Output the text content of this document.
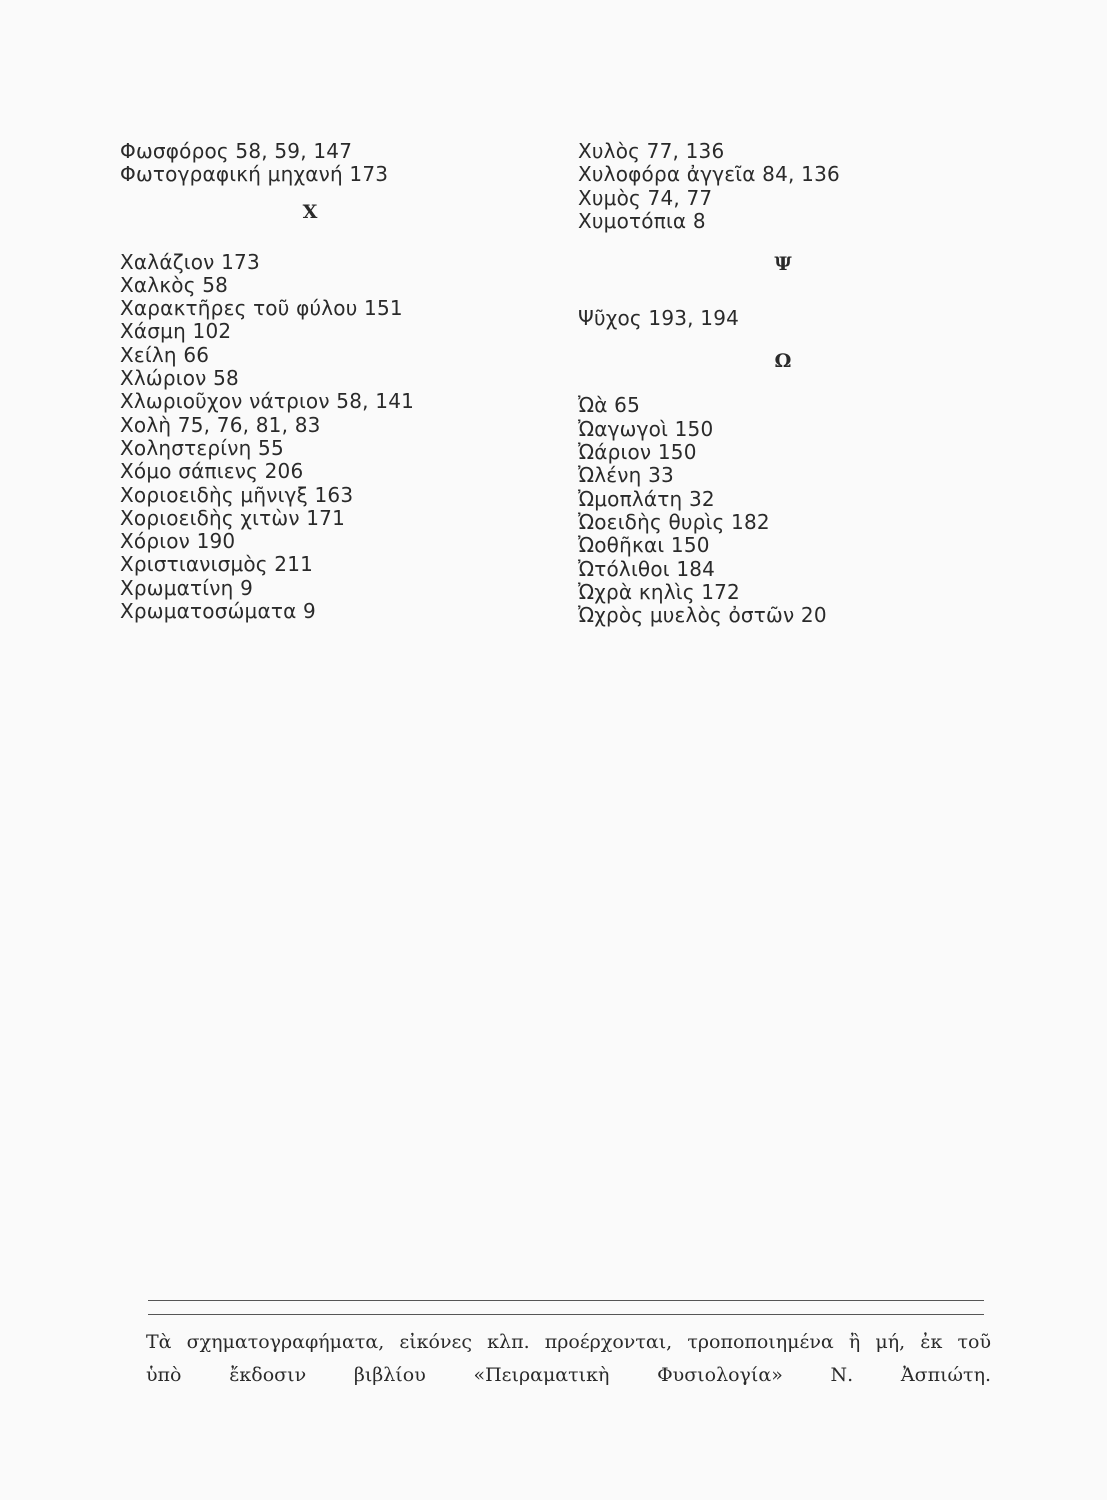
Φωσφόρος 58, 59, 147
Φωτογραφική μηχανή 173
Χ
Χαλάζιον 173
Χαλκὸς 58
Χαρακτῆρες τοῦ φύλου 151
Χάσμη 102
Χείλη 66
Χλώριον 58
Χλωριοῦχον νάτριον 58, 141
Χολὴ 75, 76, 81, 83
Χοληστερίνη 55
Χόμο σάπιενς 206
Χοριοειδὴς μῆνιγξ 163
Χοριοειδὴς χιτὼν 171
Χόριον 190
Χριστιανισμὸς 211
Χρωματίνη 9
Χρωματοσώματα 9
Χυλὸς 77, 136
Χυλοφόρα ἀγγεῖα 84, 136
Χυμὸς 74, 77
Χυμοτόπια 8
Ψ
Ψῦχος 193, 194
Ω
Ὠὰ 65
Ὠαγωγοὶ 150
Ὠάριον 150
Ὠλένη 33
Ὠμοπλάτη 32
Ὠοειδὴς θυρὶς 182
Ὠοθῆκαι 150
Ὠτόλιθοι 184
Ὠχρὰ κηλὶς 172
Ὠχρὸς μυελὸς ὀστῶν 20
Τὰ σχηματογραφήματα, εἰκόνες κλπ. προέρχονται, τροποποιημένα ἢ μή, ἐκ τοῦ
ὑπὸ ἔκδοσιν βιβλίου «Πειραματικὴ Φυσιολογία» Ν. Ἀσπιώτη.
